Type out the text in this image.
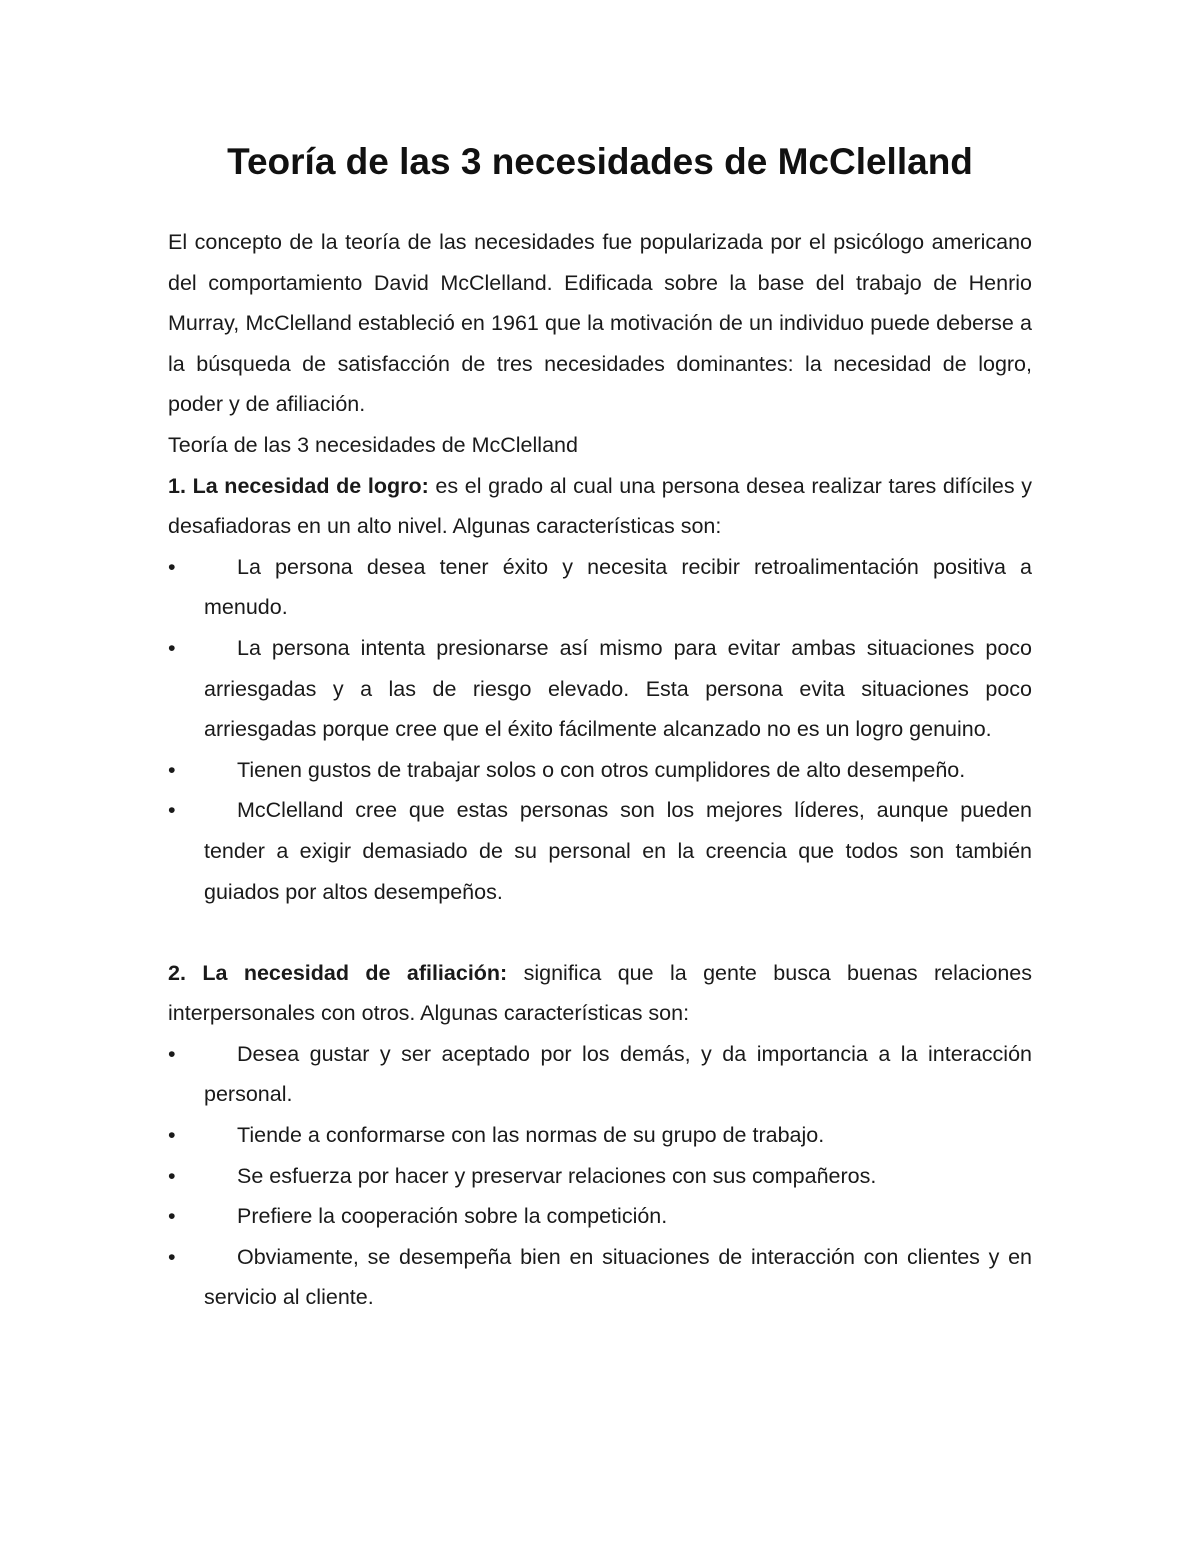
Teoría de las 3 necesidades de McClelland

El concepto de la teoría de las necesidades fue popularizada por el psicólogo americano del comportamiento David McClelland. Edificada sobre la base del trabajo de Henrio Murray, McClelland estableció en 1961 que la motivación de un individuo puede deberse a la búsqueda de satisfacción de tres necesidades dominantes: la necesidad de logro, poder y de afiliación.

Teoría de las 3 necesidades de McClelland

1. La necesidad de logro: es el grado al cual una persona desea realizar tares difíciles y desafiadoras en un alto nivel. Algunas características son:

•	La persona desea tener éxito y necesita recibir retroalimentación positiva a menudo.
•	La persona intenta presionarse así mismo para evitar ambas situaciones poco arriesgadas y a las de riesgo elevado. Esta persona evita situaciones poco arriesgadas porque cree que el éxito fácilmente alcanzado no es un logro genuino.
•	Tienen gustos de trabajar solos o con otros cumplidores de alto desempeño.
•	McClelland cree que estas personas son los mejores líderes, aunque pueden tender a exigir demasiado de su personal en la creencia que todos son también guiados por altos desempeños.

2. La necesidad de afiliación: significa que la gente busca buenas relaciones interpersonales con otros. Algunas características son:

•	Desea gustar y ser aceptado por los demás, y da importancia a la interacción personal.
•	Tiende a conformarse con las normas de su grupo de trabajo.
•	Se esfuerza por hacer y preservar relaciones con sus compañeros.
•	Prefiere la cooperación sobre la competición.
•	Obviamente, se desempeña bien en situaciones de interacción con clientes y en servicio al cliente.
